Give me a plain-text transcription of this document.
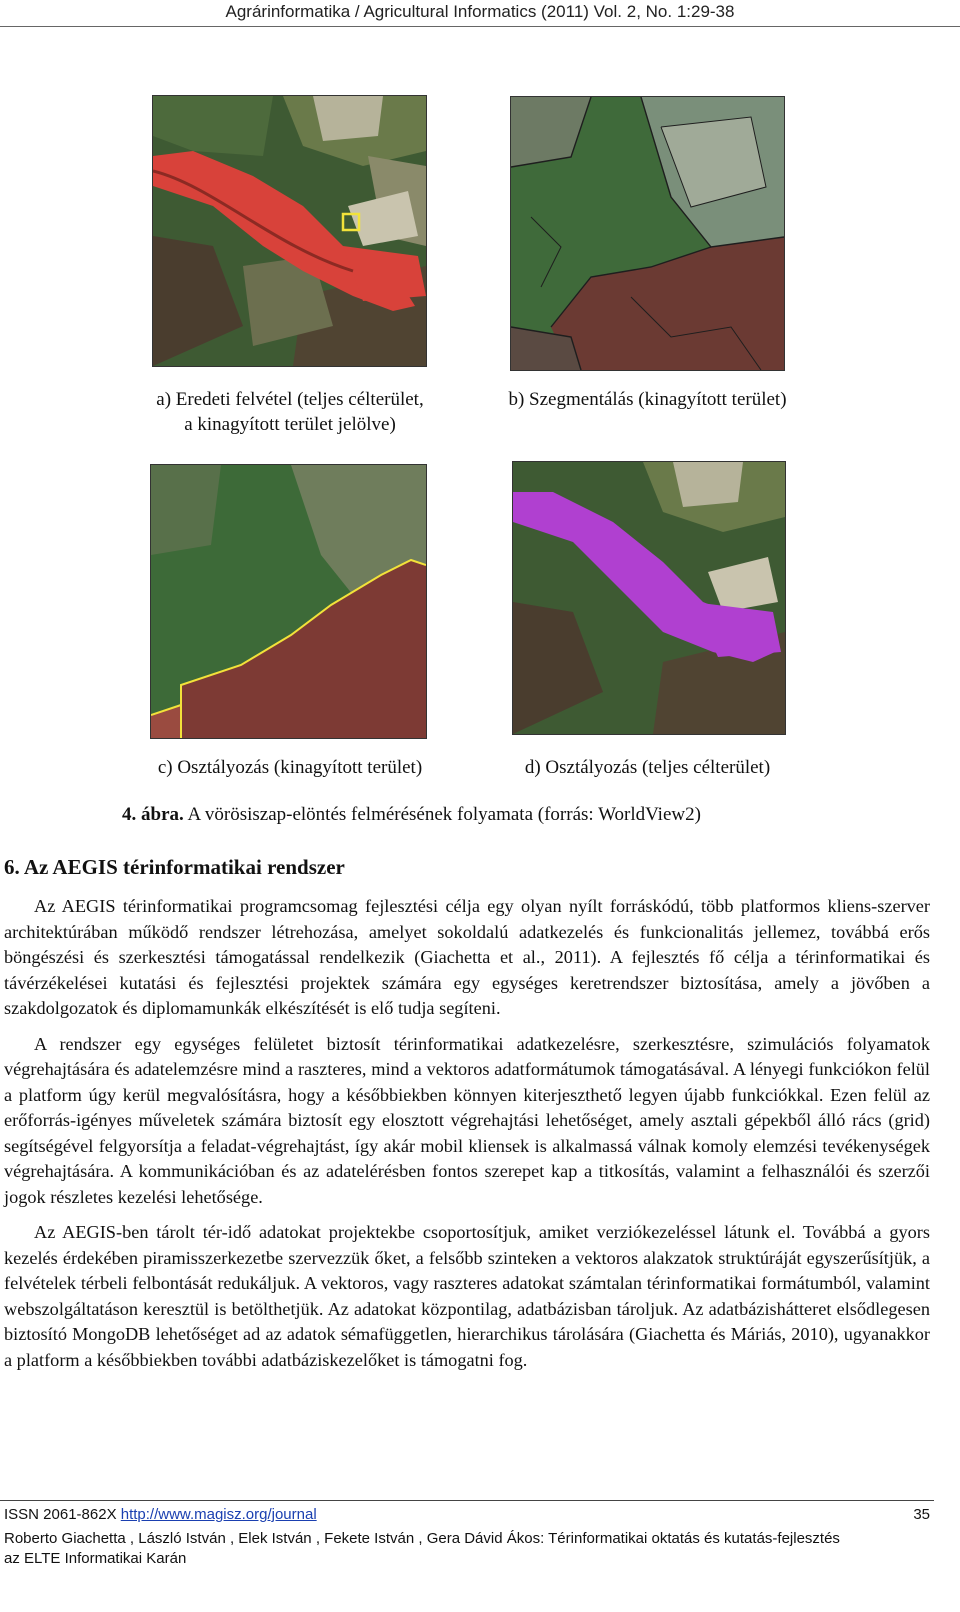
Agrárinformatika / Agricultural Informatics (2011) Vol. 2, No. 1:29-38
a) Eredeti felvétel (teljes célterület,
a kinagyított terület jelölve)
b) Szegmentálás (kinagyított terület)
c) Osztályozás (kinagyított terület)	d) Osztályozás (teljes célterület)
4. ábra. A vörösiszap-elöntés felmérésének folyamata (forrás: WorldView2)
6. Az AEGIS térinformatikai rendszer

Az AEGIS térinformatikai programcsomag fejlesztési célja egy olyan nyílt forráskódú, több platformos kliens-szerver architektúrában működő rendszer létrehozása, amelyet sokoldalú adatkezelés és funkcionalitás jellemez, továbbá erős böngészési és szerkesztési támogatással rendelkezik (Giachetta et al., 2011). A fejlesztés fő célja a térinformatikai és távérzékelései kutatási és fejlesztési projektek számára egy egységes keretrendszer biztosítása, amely a jövőben a szakdolgozatok és diplomamunkák elkészítését is elő tudja segíteni.

A rendszer egy egységes felületet biztosít térinformatikai adatkezelésre, szerkesztésre, szimulációs folyamatok végrehajtására és adatelemzésre mind a raszteres, mind a vektoros adatformátumok támogatásával. A lényegi funkciókon felül a platform úgy kerül megvalósításra, hogy a későbbiekben könnyen kiterjeszthető legyen újabb funkciókkal. Ezen felül az erőforrás-igényes műveletek számára biztosít egy elosztott végrehajtási lehetőséget, amely asztali gépekből álló rács (grid) segítségével felgyorsítja a feladat-végrehajtást, így akár mobil kliensek is alkalmassá válnak komoly elemzési tevékenységek végrehajtására. A kommunikációban és az adatelérésben fontos szerepet kap a titkosítás, valamint a felhasználói és szerzői jogok részletes kezelési lehetősége.

Az AEGIS-ben tárolt tér-idő adatokat projektekbe csoportosítjuk, amiket verziókezeléssel látunk el. Továbbá a gyors kezelés érdekében piramisszerkezetbe szervezzük őket, a felsőbb szinteken a vektoros alakzatok struktúráját egyszerűsítjük, a felvételek térbeli felbontását redukáljuk. A vektoros, vagy raszteres adatokat számtalan térinformatikai formátumból, valamint webszolgáltatáson keresztül is betölthetjük. Az adatokat központilag, adatbázisban tároljuk. Az adatbázishátteret elsődlegesen biztosító MongoDB lehetőséget ad az adatok sémafüggetlen, hierarchikus tárolására (Giachetta és Máriás, 2010), ugyanakkor a platform a későbbiekben további adatbáziskezelőket is támogatni fog.

ISSN 2061-862X http://www.magisz.org/journal	35
Roberto Giachetta , László István , Elek István , Fekete István , Gera Dávid Ákos: Térinformatikai oktatás és kutatás-fejlesztés
az ELTE Informatikai Karán
